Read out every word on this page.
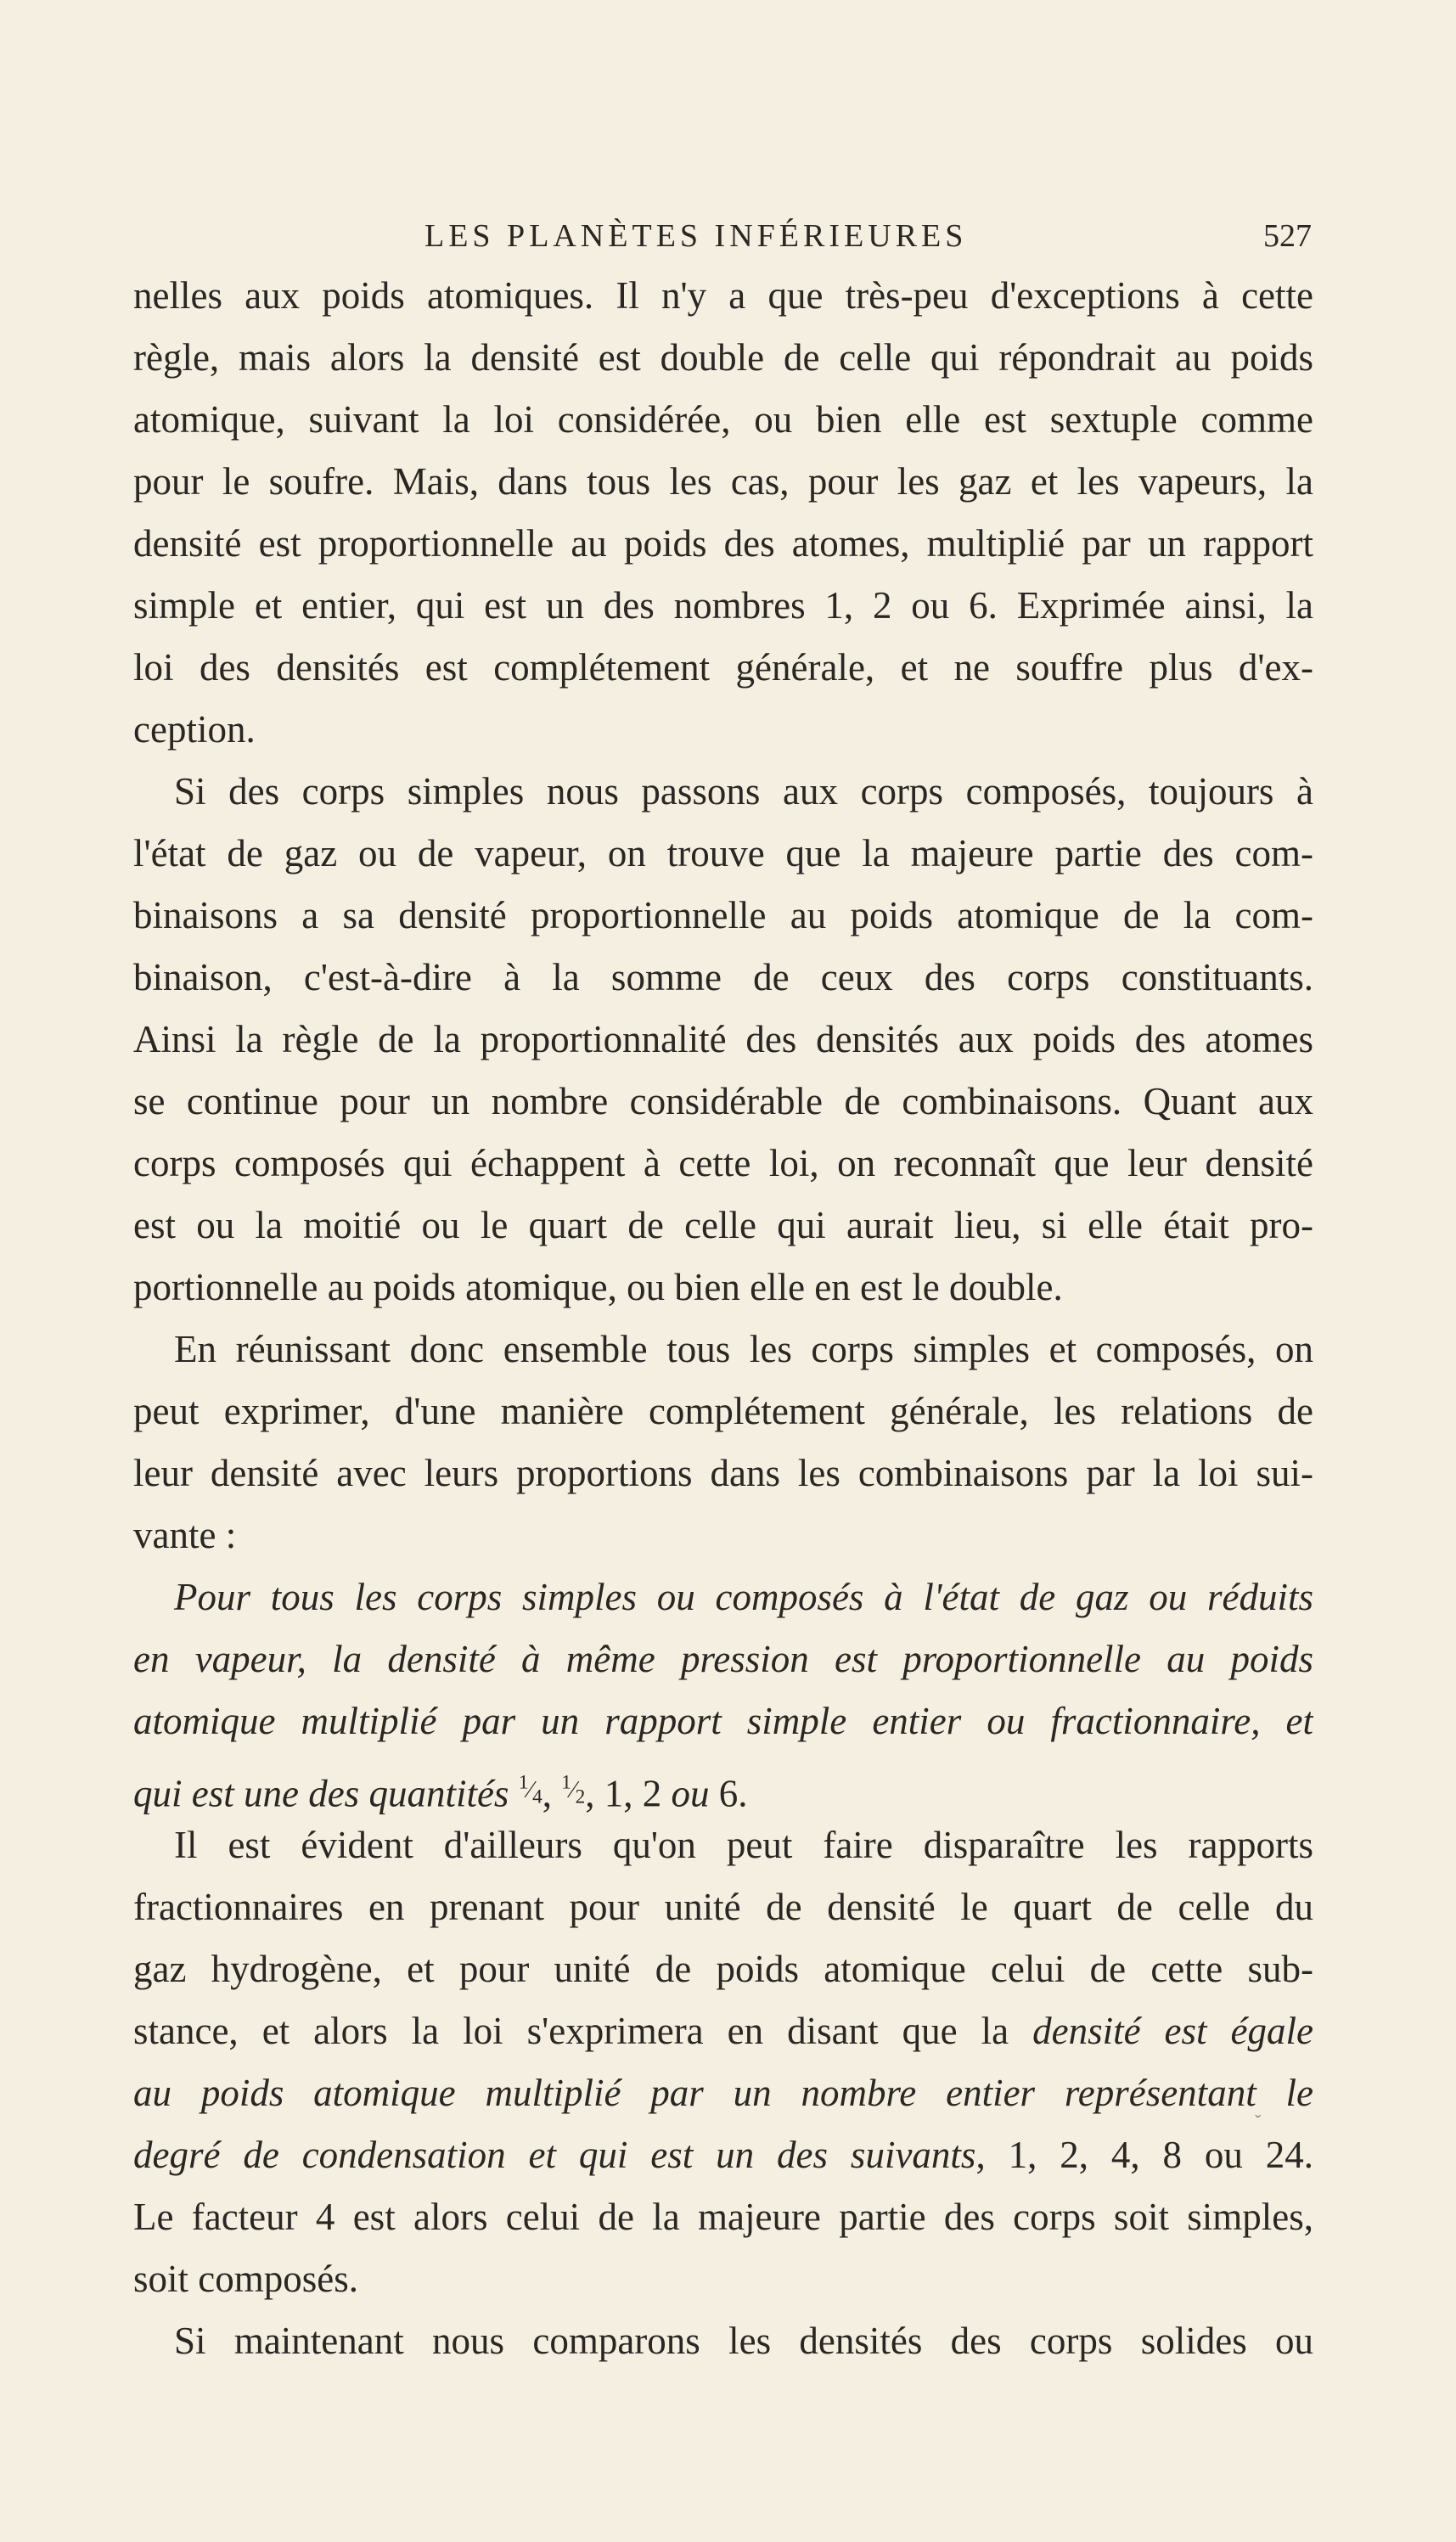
LES PLANÈTES INFÉRIEURES	527
nelles aux poids atomiques. Il n'y a que très-peu d'exceptions à cette
règle, mais alors la densité est double de celle qui répondrait au poids
atomique, suivant la loi considérée, ou bien elle est sextuple comme
pour le soufre. Mais, dans tous les cas, pour les gaz et les vapeurs, la
densité est proportionnelle au poids des atomes, multiplié par un rapport
simple et entier, qui est un des nombres 1, 2 ou 6. Exprimée ainsi, la
loi des densités est complétement générale, et ne souffre plus d'ex-
ception.
Si des corps simples nous passons aux corps composés, toujours à
l'état de gaz ou de vapeur, on trouve que la majeure partie des com-
binaisons a sa densité proportionnelle au poids atomique de la com-
binaison, c'est-à-dire à la somme de ceux des corps constituants.
Ainsi la règle de la proportionnalité des densités aux poids des atomes
se continue pour un nombre considérable de combinaisons. Quant aux
corps composés qui échappent à cette loi, on reconnaît que leur densité
est ou la moitié ou le quart de celle qui aurait lieu, si elle était pro-
portionnelle au poids atomique, ou bien elle en est le double.
En réunissant donc ensemble tous les corps simples et composés, on
peut exprimer, d'une manière complétement générale, les relations de
leur densité avec leurs proportions dans les combinaisons par la loi sui-
vante :
Pour tous les corps simples ou composés à l'état de gaz ou réduits
en vapeur, la densité à même pression est proportionnelle au poids
atomique multiplié par un rapport simple entier ou fractionnaire, et
qui est une des quantités $^{^1⁄_4}$, $^{^1⁄_2}$, 1, 2 ou 6.
Il est évident d'ailleurs qu'on peut faire disparaître les rapports
fractionnaires en prenant pour unité de densité le quart de celle du
gaz hydrogène, et pour unité de poids atomique celui de cette sub-
stance, et alors la loi s'exprimera en disant que la densité est égale
au poids atomique multiplié par un nombre entier représentant le
degré de condensation et qui est un des suivants, 1, 2, 4, 8 ou 24.
Le facteur 4 est alors celui de la majeure partie des corps soit simples,
soit composés.
Si maintenant nous comparons les densités des corps solides ou
ˇ
